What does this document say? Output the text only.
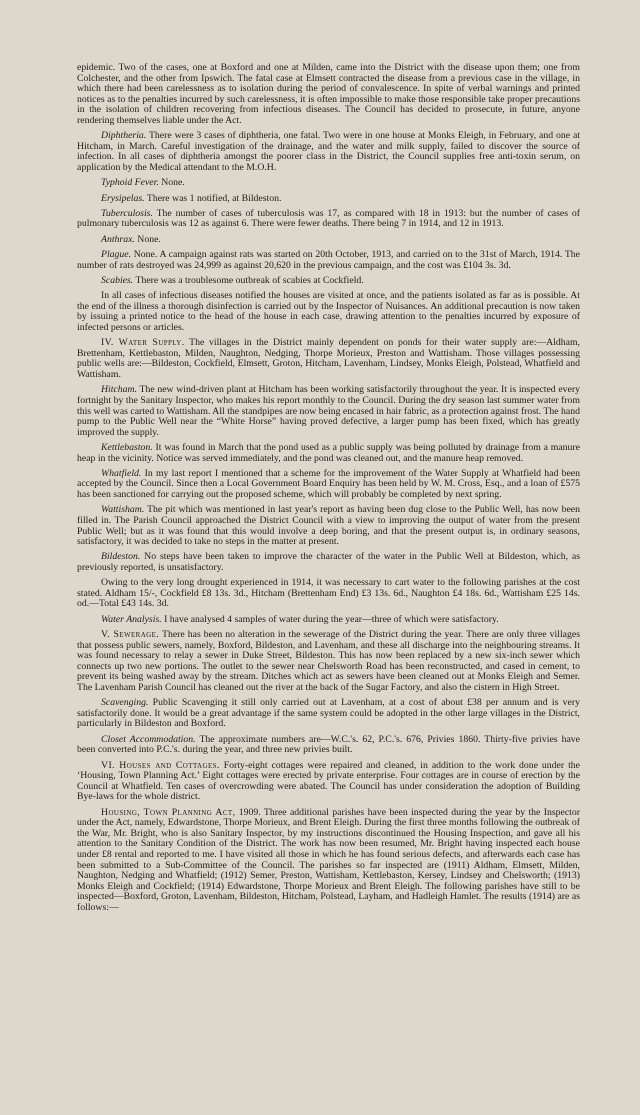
epidemic. Two of the cases, one at Boxford and one at Milden, came into the District with the disease upon them; one from Colchester, and the other from Ipswich. The fatal case at Elmsett contracted the disease from a previous case in the village, in which there had been carelessness as to isolation during the period of convalescence. In spite of verbal warnings and printed notices as to the penalties incurred by such carelessness, it is often impossible to make those responsible take proper precautions in the isolation of children recovering from infectious diseases. The Council has decided to prosecute, in future, anyone rendering themselves liable under the Act.

Diphtheria. There were 3 cases of diphtheria, one fatal. Two were in one house at Monks Eleigh, in February, and one at Hitcham, in March. Careful investigation of the drainage, and the water and milk supply, failed to discover the source of infection. In all cases of diphtheria amongst the poorer class in the District, the Council supplies free anti-toxin serum, on application by the Medical attendant to the M.O.H.

Typhoid Fever. None.

Erysipelas. There was 1 notified, at Bildeston.

Tuberculosis. The number of cases of tuberculosis was 17, as compared with 18 in 1913: but the number of cases of pulmonary tuberculosis was 12 as against 6. There were fewer deaths. There being 7 in 1914, and 12 in 1913.

Anthrax. None.

Plague. None. A campaign against rats was started on 20th October, 1913, and carried on to the 31st of March, 1914. The number of rats destroyed was 24,999 as against 20,620 in the previous campaign, and the cost was £104 3s. 3d.

Scabies. There was a troublesome outbreak of scabies at Cockfield.

In all cases of infectious diseases notified the houses are visited at once, and the patients isolated as far as is possible. At the end of the illness a thorough disinfection is carried out by the Inspector of Nuisances. An additional precaution is now taken by issuing a printed notice to the head of the house in each case, drawing attention to the penalties incurred by exposure of infected persons or articles.

IV. Water Supply. The villages in the District mainly dependent on ponds for their water supply are:—Aldham, Brettenham, Kettlebaston, Milden, Naughton, Nedging, Thorpe Morieux, Preston and Wattisham. Those villages possessing public wells are:—Bildeston, Cockfield, Elmsett, Groton, Hitcham, Lavenham, Lindsey, Monks Eleigh, Polstead, Whatfield and Wattisham.

Hitcham. The new wind-driven plant at Hitcham has been working satisfactorily throughout the year. It is inspected every fortnight by the Sanitary Inspector, who makes his report monthly to the Council. During the dry season last summer water from this well was carted to Wattisham. All the standpipes are now being encased in hair fabric, as a protection against frost. The hand pump to the Public Well near the “White Horse” having proved defective, a larger pump has been fixed, which has greatly improved the supply.

Kettlebaston. It was found in March that the pond used as a public supply was being polluted by drainage from a manure heap in the vicinity. Notice was served immediately, and the pond was cleaned out, and the manure heap removed.

Whatfield. In my last report I mentioned that a scheme for the improvement of the Water Supply at Whatfield had been accepted by the Council. Since then a Local Government Board Enquiry has been held by W. M. Cross, Esq., and a loan of £575 has been sanctioned for carrying out the proposed scheme, which will probably be completed by next spring.

Wattisham. The pit which was mentioned in last year's report as having been dug close to the Public Well, has now been filled in. The Parish Council approached the District Council with a view to improving the output of water from the present Public Well; but as it was found that this would involve a deep boring, and that the present output is, in ordinary seasons, satisfactory, it was decided to take no steps in the matter at present.

Bildeston. No steps have been taken to improve the character of the water in the Public Well at Bildeston, which, as previously reported, is unsatisfactory.

Owing to the very long drought experienced in 1914, it was necessary to cart water to the following parishes at the cost stated. Aldham 15/-, Cockfield £8 13s. 3d., Hitcham (Brettenham End) £3 13s. 6d., Naughton £4 18s. 6d., Wattisham £25 14s. od.—Total £43 14s. 3d.

Water Analysis. I have analysed 4 samples of water during the year—three of which were satisfactory.

V. Sewerage. There has been no alteration in the sewerage of the District during the year. There are only three villages that possess public sewers, namely, Boxford, Bildeston, and Lavenham, and these all discharge into the neighbouring streams. It was found necessary to relay a sewer in Duke Street, Bildeston. This has now been replaced by a new six-inch sewer which connects up two new portions. The outlet to the sewer near Chelsworth Road has been reconstructed, and cased in cement, to prevent its being washed away by the stream. Ditches which act as sewers have been cleaned out at Monks Eleigh and Semer. The Lavenham Parish Council has cleaned out the river at the back of the Sugar Factory, and also the cistern in High Street.

Scavenging. Public Scavenging it still only carried out at Lavenham, at a cost of about £38 per annum and is very satisfactorily done. It would be a great advantage if the same system could be adopted in the other large villages in the District, particularly in Bildeston and Boxford.

Closet Accommodation. The approximate numbers are—W.C.'s. 62, P.C.'s. 676, Privies 1860. Thirty-five privies have been converted into P.C.'s. during the year, and three new privies built.

VI. Houses and Cottages. Forty-eight cottages were repaired and cleaned, in addition to the work done under the ‘Housing, Town Planning Act.’ Eight cottages were erected by private enterprise. Four cottages are in course of erection by the Council at Whatfield. Ten cases of overcrowding were abated. The Council has under consideration the adoption of Building Bye-laws for the whole district.

Housing, Town Planning Act, 1909. Three additional parishes have been inspected during the year by the Inspector under the Act, namely, Edwardstone, Thorpe Morieux, and Brent Eleigh. During the first three months following the outbreak of the War, Mr. Bright, who is also Sanitary Inspector, by my instructions discontinued the Housing Inspection, and gave all his attention to the Sanitary Condition of the District. The work has now been resumed, Mr. Bright having inspected each house under £8 rental and reported to me. I have visited all those in which he has found serious defects, and afterwards each case has been submitted to a Sub-Committee of the Council. The parishes so far inspected are (1911) Aldham, Elmsett, Milden, Naughton, Nedging and Whatfield; (1912) Semer, Preston, Wattisham, Kettlebaston, Kersey, Lindsey and Chelsworth; (1913) Monks Eleigh and Cockfield; (1914) Edwardstone, Thorpe Morieux and Brent Eleigh. The following parishes have still to be inspected—Boxford, Groton, Lavenham, Bildeston, Hitcham, Polstead, Layham, and Hadleigh Hamlet. The results (1914) are as follows:—
